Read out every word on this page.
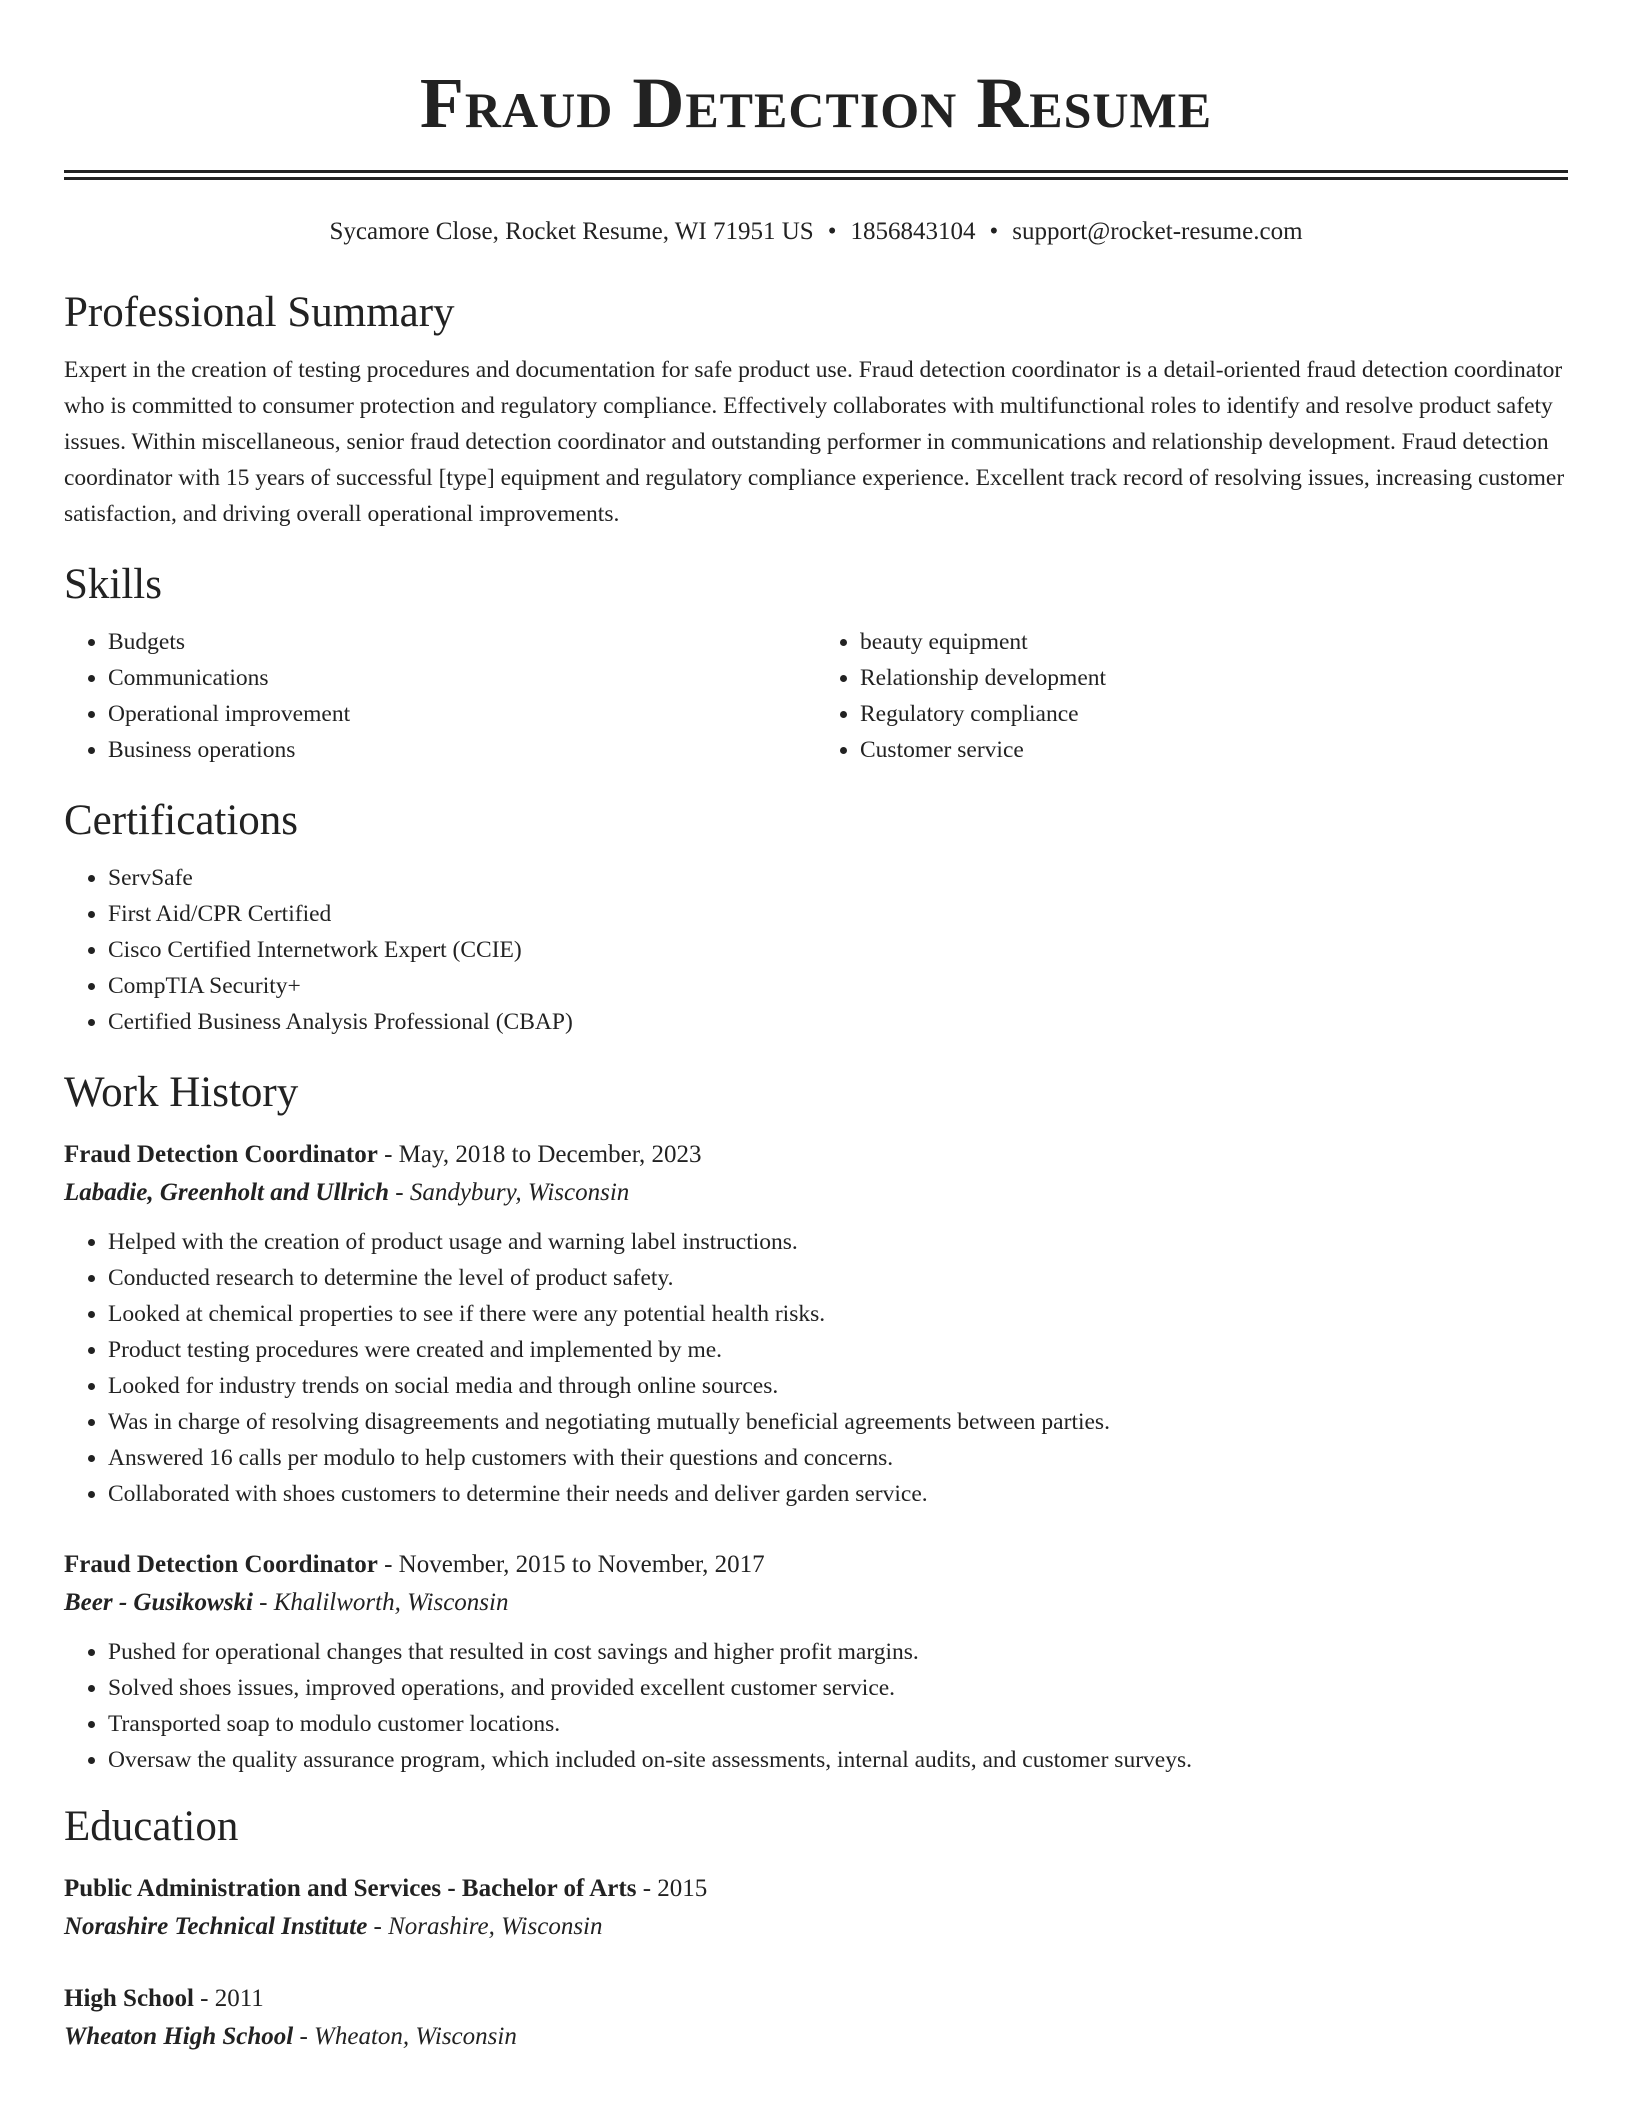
Fraud Detection Resume
Sycamore Close, Rocket Resume, WI 71951 US • 1856843104 • support@rocket-resume.com
Professional Summary

Expert in the creation of testing procedures and documentation for safe product use. Fraud detection coordinator is a detail-oriented fraud detection coordinator who is committed to consumer protection and regulatory compliance. Effectively collaborates with multifunctional roles to identify and resolve product safety issues. Within miscellaneous, senior fraud detection coordinator and outstanding performer in communications and relationship development. Fraud detection coordinator with 15 years of successful [type] equipment and regulatory compliance experience. Excellent track record of resolving issues, increasing customer satisfaction, and driving overall operational improvements.

Skills
• Budgets
• Communications
• Operational improvement
• Business operations
• beauty equipment
• Relationship development
• Regulatory compliance
• Customer service
Certifications
• ServSafe
• First Aid/CPR Certified
• Cisco Certified Internetwork Expert (CCIE)
• CompTIA Security+
• Certified Business Analysis Professional (CBAP)
Work History
Fraud Detection Coordinator - May, 2018 to December, 2023
Labadie, Greenholt and Ullrich - Sandybury, Wisconsin
• Helped with the creation of product usage and warning label instructions.
• Conducted research to determine the level of product safety.
• Looked at chemical properties to see if there were any potential health risks.
• Product testing procedures were created and implemented by me.
• Looked for industry trends on social media and through online sources.
• Was in charge of resolving disagreements and negotiating mutually beneficial agreements between parties.
• Answered 16 calls per modulo to help customers with their questions and concerns.
• Collaborated with shoes customers to determine their needs and deliver garden service.
Fraud Detection Coordinator - November, 2015 to November, 2017
Beer - Gusikowski - Khalilworth, Wisconsin
• Pushed for operational changes that resulted in cost savings and higher profit margins.
• Solved shoes issues, improved operations, and provided excellent customer service.
• Transported soap to modulo customer locations.
• Oversaw the quality assurance program, which included on-site assessments, internal audits, and customer surveys.
Education
Public Administration and Services - Bachelor of Arts - 2015
Norashire Technical Institute - Norashire, Wisconsin
High School - 2011
Wheaton High School - Wheaton, Wisconsin
